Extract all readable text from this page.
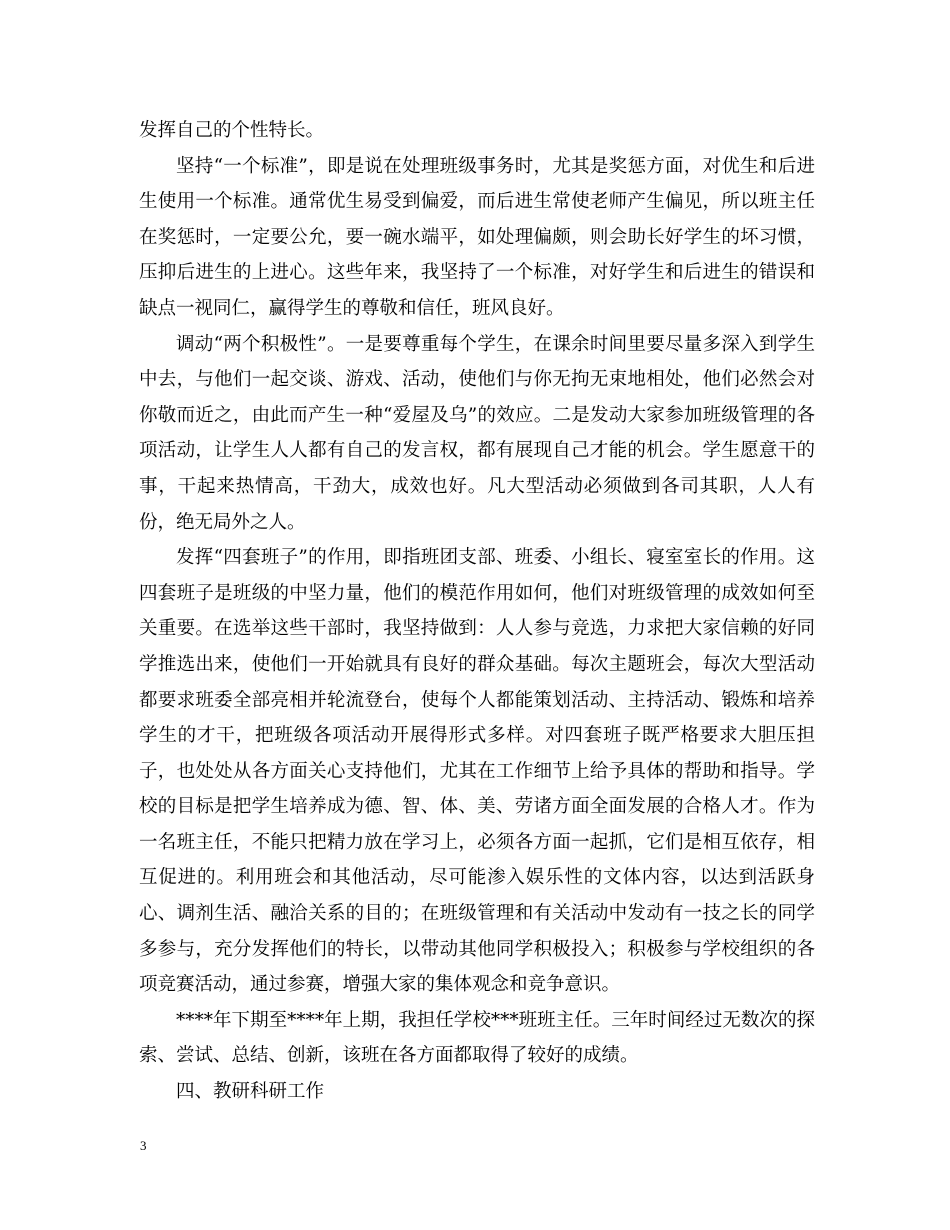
发挥自己的个性特长。

坚持“一个标准”，即是说在处理班级事务时，尤其是奖惩方面，对优生和后进生使用一个标准。通常优生易受到偏爱，而后进生常使老师产生偏见，所以班主任在奖惩时，一定要公允，要一碗水端平，如处理偏颇，则会助长好学生的坏习惯，压抑后进生的上进心。这些年来，我坚持了一个标准，对好学生和后进生的错误和缺点一视同仁，赢得学生的尊敬和信任，班风良好。

调动“两个积极性”。一是要尊重每个学生，在课余时间里要尽量多深入到学生中去，与他们一起交谈、游戏、活动，使他们与你无拘无束地相处，他们必然会对你敬而近之，由此而产生一种“爱屋及乌”的效应。二是发动大家参加班级管理的各项活动，让学生人人都有自己的发言权，都有展现自己才能的机会。学生愿意干的事，干起来热情高，干劲大，成效也好。凡大型活动必须做到各司其职，人人有份，绝无局外之人。

发挥“四套班子”的作用，即指班团支部、班委、小组长、寝室室长的作用。这四套班子是班级的中坚力量，他们的模范作用如何，他们对班级管理的成效如何至关重要。在选举这些干部时，我坚持做到：人人参与竞选，力求把大家信赖的好同学推选出来，使他们一开始就具有良好的群众基础。每次主题班会，每次大型活动都要求班委全部亮相并轮流登台，使每个人都能策划活动、主持活动、锻炼和培养学生的才干，把班级各项活动开展得形式多样。对四套班子既严格要求大胆压担子，也处处从各方面关心支持他们，尤其在工作细节上给予具体的帮助和指导。学校的目标是把学生培养成为德、智、体、美、劳诸方面全面发展的合格人才。作为一名班主任，不能只把精力放在学习上，必须各方面一起抓，它们是相互依存，相互促进的。利用班会和其他活动，尽可能渗入娱乐性的文体内容，以达到活跃身心、调剂生活、融洽关系的目的；在班级管理和有关活动中发动有一技之长的同学多参与，充分发挥他们的特长，以带动其他同学积极投入；积极参与学校组织的各项竞赛活动，通过参赛，增强大家的集体观念和竞争意识。

****年下期至****年上期，我担任学校***班班主任。三年时间经过无数次的探索、尝试、总结、创新，该班在各方面都取得了较好的成绩。

四、教研科研工作

3
